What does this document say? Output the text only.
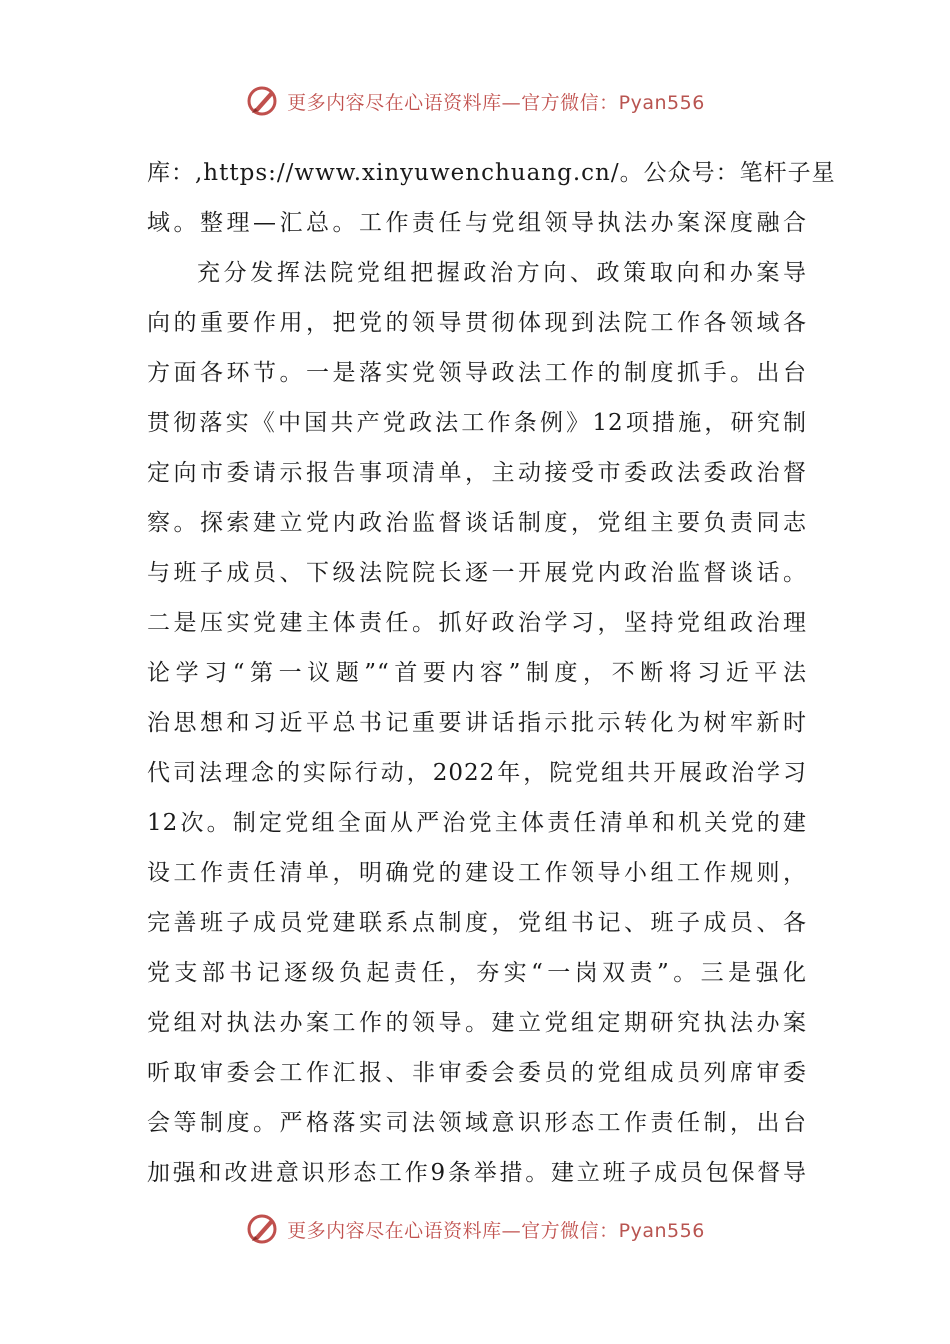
更多内容尽在心语资料库—官方微信：Pyan556
库：,https://www.xinyuwenchuang.cn/。公众号：笔杆子星
域。整理—汇总。工作责任与党组领导执法办案深度融合
充分发挥法院党组把握政治方向、政策取向和办案导
向的重要作用，把党的领导贯彻体现到法院工作各领域各
方面各环节。一是落实党领导政法工作的制度抓手。出台
贯彻落实《中国共产党政法工作条例》12项措施，研究制
定向市委请示报告事项清单，主动接受市委政法委政治督
察。探索建立党内政治监督谈话制度，党组主要负责同志
与班子成员、下级法院院长逐一开展党内政治监督谈话。
二是压实党建主体责任。抓好政治学习，坚持党组政治理
论学习“第一议题”“首要内容”制度，不断将习近平法
治思想和习近平总书记重要讲话指示批示转化为树牢新时
代司法理念的实际行动，2022年，院党组共开展政治学习
12次。制定党组全面从严治党主体责任清单和机关党的建
设工作责任清单，明确党的建设工作领导小组工作规则，
完善班子成员党建联系点制度，党组书记、班子成员、各
党支部书记逐级负起责任，夯实“一岗双责”。三是强化
党组对执法办案工作的领导。建立党组定期研究执法办案
听取审委会工作汇报、非审委会委员的党组成员列席审委
会等制度。严格落实司法领域意识形态工作责任制，出台
加强和改进意识形态工作9条举措。建立班子成员包保督导
更多内容尽在心语资料库—官方微信：Pyan556
